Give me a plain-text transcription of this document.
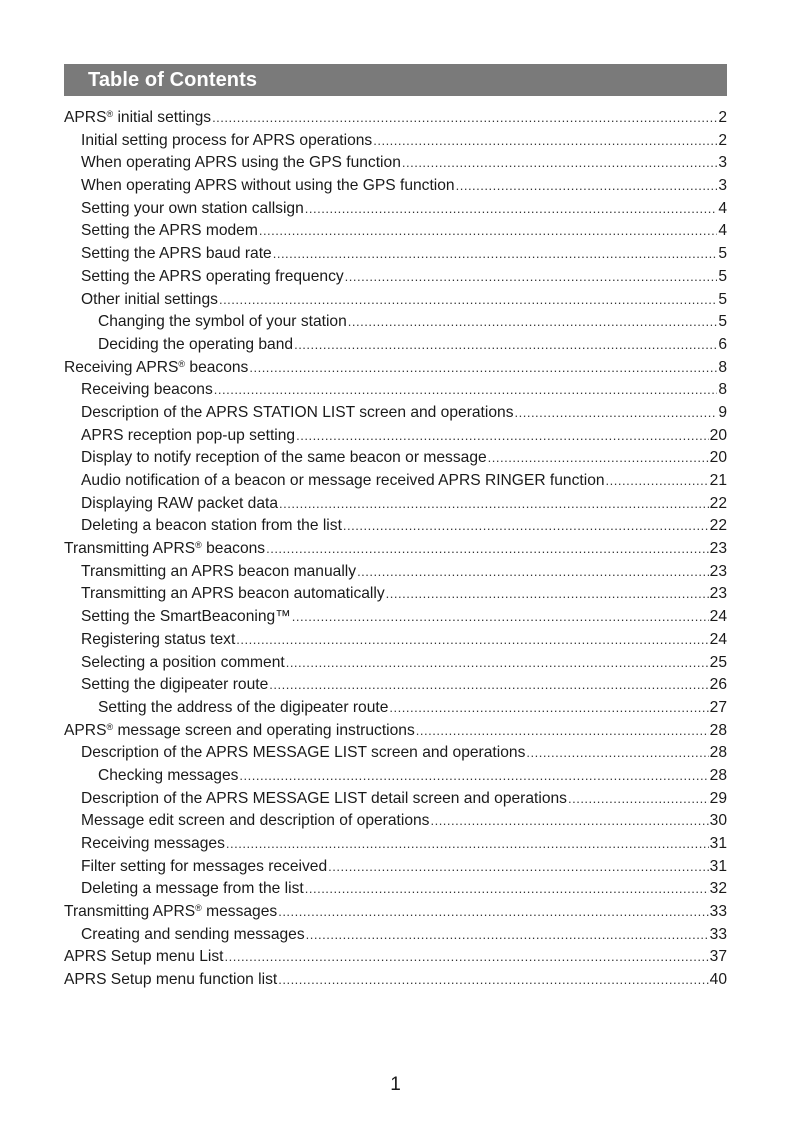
Table of Contents
APRS® initial settings .....	2
Initial setting process for APRS operations .....	2
When operating APRS using the GPS function .....	3
When operating APRS without using the GPS function .....	3
Setting your own station callsign .....	4
Setting the APRS modem .....	4
Setting the APRS baud rate .....	5
Setting the APRS operating frequency .....	5
Other initial settings .....	5
Changing the symbol of your station .....	5
Deciding the operating band .....	6
Receiving APRS® beacons .....	8
Receiving beacons .....	8
Description of the APRS STATION LIST screen and operations .....	9
APRS reception pop-up setting .....	20
Display to notify reception of the same beacon or message .....	20
Audio notification of a beacon or message received APRS RINGER function .....	21
Displaying RAW packet data .....	22
Deleting a beacon station from the list .....	22
Transmitting APRS® beacons .....	23
Transmitting an APRS beacon manually .....	23
Transmitting an APRS beacon automatically .....	23
Setting the SmartBeaconing™ .....	24
Registering status text .....	24
Selecting a position comment .....	25
Setting the digipeater route .....	26
Setting the address of the digipeater route .....	27
APRS® message screen and operating instructions .....	28
Description of the APRS MESSAGE LIST screen and operations .....	28
Checking messages .....	28
Description of the APRS MESSAGE LIST detail screen and operations .....	29
Message edit screen and description of operations .....	30
Receiving messages .....	31
Filter setting for messages received .....	31
Deleting a message from the list .....	32
Transmitting APRS® messages .....	33
Creating and sending messages .....	33
APRS Setup menu List .....	37
APRS Setup menu function list .....	40
1
